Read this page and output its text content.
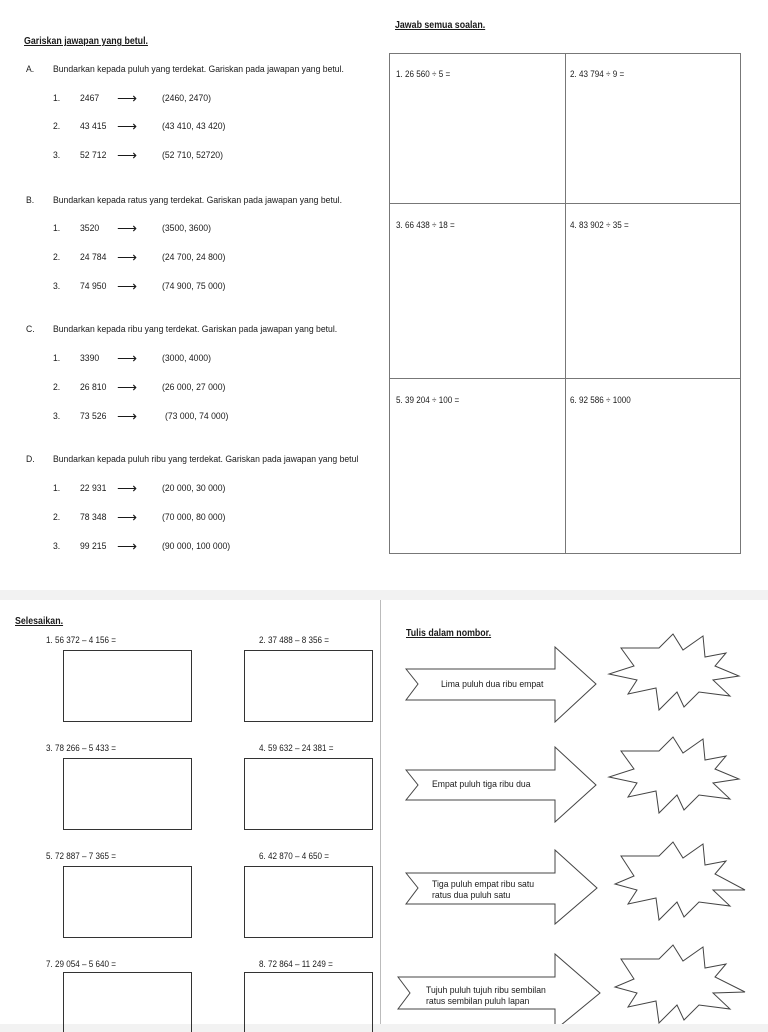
Gariskan jawapan yang betul.
Jawab semua soalan.
A. Bundarkan kepada puluh yang terdekat. Gariskan pada jawapan yang betul.
1. 2467 ⟶	(2460, 2470)
2. 43 415 ⟶	(43 410, 43 420)
3. 52 712 ⟶	(52 710, 52720)
B. Bundarkan kepada ratus yang terdekat. Gariskan pada jawapan yang betul.
1. 3520 ⟶	(3500, 3600)
2. 24 784 ⟶	(24 700, 24 800)
3. 74 950 ⟶	(74 900, 75 000)
C. Bundarkan kepada ribu yang terdekat. Gariskan pada jawapan yang betul.
1. 3390 ⟶	(3000, 4000)
2. 26 810 ⟶	(26 000, 27 000)
3. 73 526 ⟶	(73 000, 74 000)
D. Bundarkan kepada puluh ribu yang terdekat. Gariskan pada jawapan yang betul
1. 22 931 ⟶	(20 000, 30 000)
2. 78 348 ⟶	(70 000, 80 000)
3. 99 215 ⟶	(90 000, 100 000)
1. 26 560 ÷ 5 =	2. 43 794 ÷ 9 =
3. 66 438 ÷ 18 =	4. 83 902 ÷ 35 =
5. 39 204 ÷ 100 =	6. 92 586 ÷ 1000
Selesaikan.
Tulis dalam nombor.
1. 56 372 – 4 156 =	2. 37 488 – 8 356 =
3. 78 266 – 5 433 =	4. 59 632 – 24 381 =
5. 72 887 – 7 365 =	6. 42 870 – 4 650 =
7. 29 054 – 5 640 =	8. 72 864 – 11 249 =
Lima puluh dua ribu empat
Empat puluh tiga ribu dua
Tiga puluh empat ribu satu
ratus dua puluh satu
Tujuh puluh tujuh ribu sembilan
ratus sembilan puluh lapan
